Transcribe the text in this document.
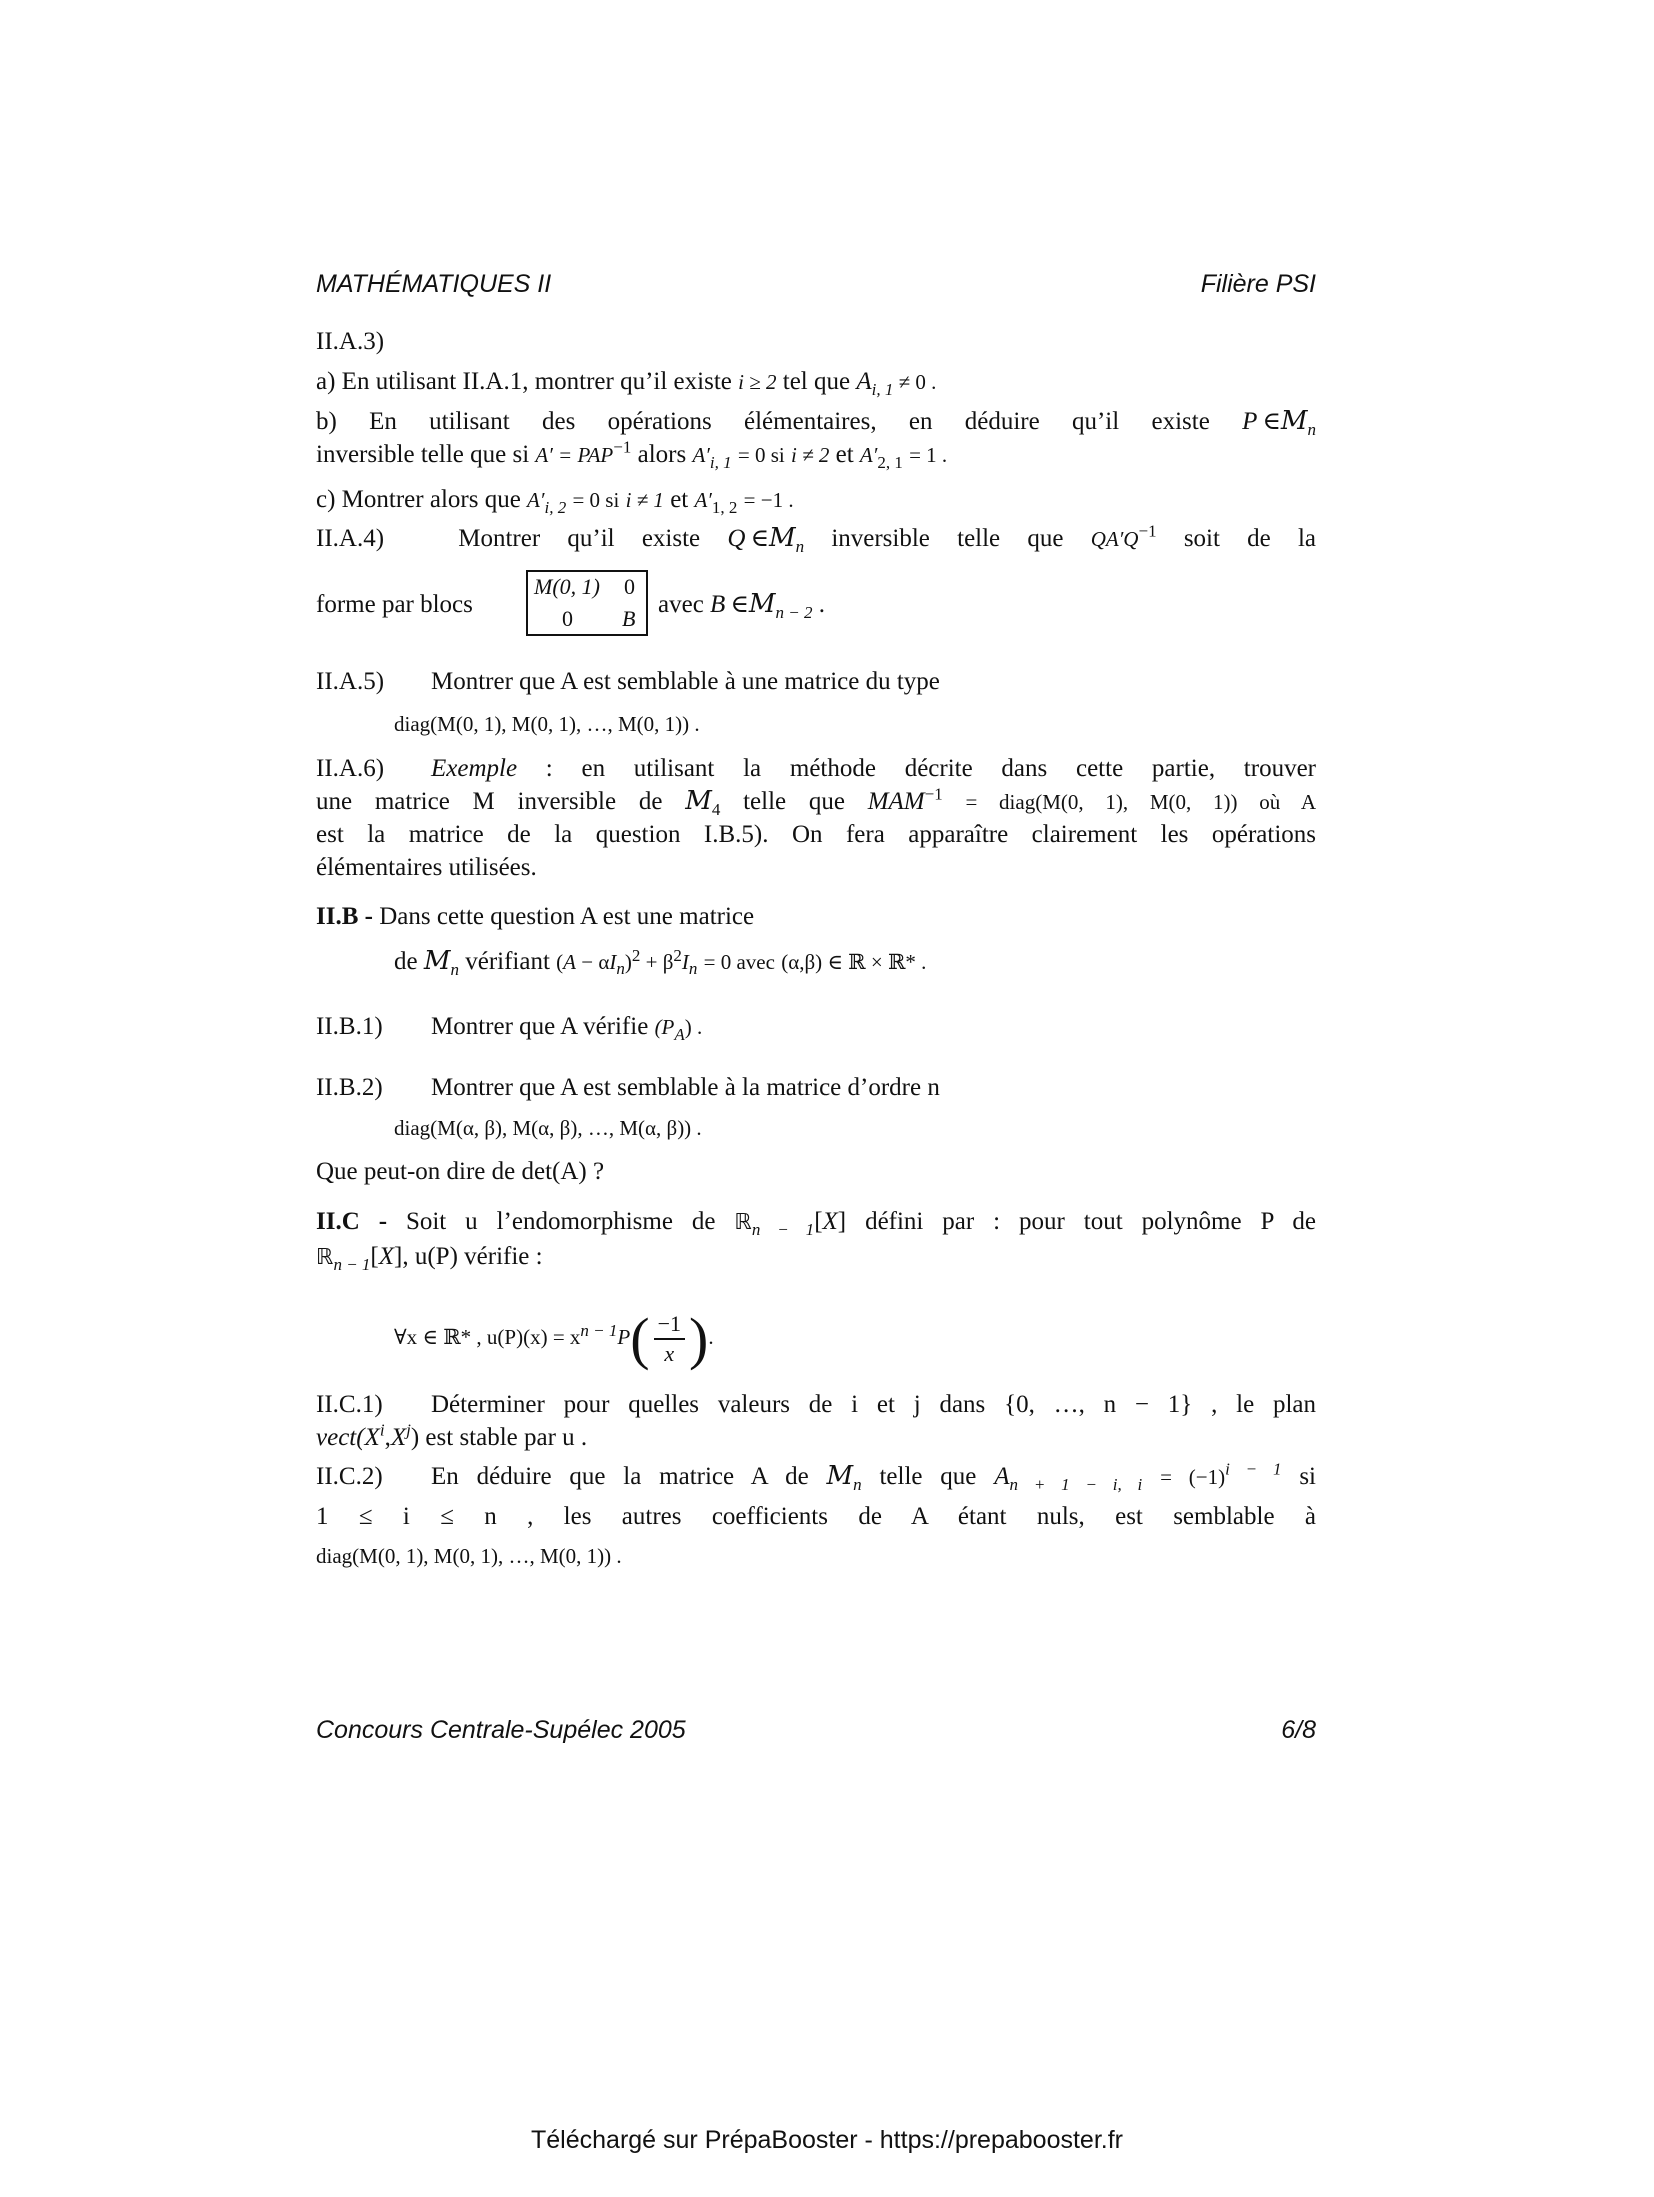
MATHÉMATIQUES II	Filière PSI
II.A.3)
a) En utilisant II.A.1, montrer qu’il existe i ≥ 2 tel que $A_{i, 1} \ne 0$ .
b) En utilisant des opérations élémentaires, en déduire qu’il existe P $\in M_n$
inversible telle que si $A' = PAP^{-1}$ alors $A'_{i, 1} = 0$ si i ≠ 2 et $A'_{2, 1} = 1$ .
c) Montrer alors que $A'_{i, 2} = 0$ si i ≠ 1 et $A'_{1, 2} = -1$ .
II.A.4)	Montrer qu’il existe Q $\in M_n$ inversible telle que $QA'Q^{-1}$ soit de la
forme par blocs
M(0, 1) 0
0 B
avec B $\in M_{n - 2}$ .
II.A.5) Montrer que A est semblable à une matrice du type
diag(M(0, 1), M(0, 1), …, M(0, 1)) .
II.A.6) Exemple : en utilisant la méthode décrite dans cette partie, trouver
une matrice M inversible de $M_4$ telle que $MAM^{-1}$ = diag(M(0, 1), M(0, 1)) où A
est la matrice de la question I.B.5). On fera apparaître clairement les opérations
élémentaires utilisées.
II.B - Dans cette question A est une matrice
de $M_n$ vérifiant $(A - \alpha I_n)^2 + \beta^2I_n = 0$ avec (α,β) ∈ ℝ × ℝ* .
II.B.1) Montrer que A vérifie $(P_A)$ .
II.B.2) Montrer que A est semblable à la matrice d’ordre n
diag(M(α, β), M(α, β), …, M(α, β)) .
Que peut-on dire de det(A) ?
II.C - Soit u l’endomorphisme de ℝ$_{n - 1}$[X] défini par : pour tout polynôme P de
ℝ$_{n - 1}$[X], u(P) vérifie :
∀x ∈ ℝ* , $u(P)(x) = x^{n - 1}P( \frac{-1}{x}$ ).
II.C.1) Déterminer pour quelles valeurs de i et j dans {0, …, n − 1} , le plan
$vect(X^i,X^j)$ est stable par u .
II.C.2) En déduire que la matrice A de $M_n$ telle que $A_{n + 1 - i, i} = (-1)^{i - 1}$ si
1 ≤ i ≤ n , les autres coefficients de A étant nuls, est semblable à
diag(M(0, 1), M(0, 1), …, M(0, 1)) .
Concours Centrale-Supélec 2005	6/8
Téléchargé sur PrépaBooster - https://prepabooster.fr
